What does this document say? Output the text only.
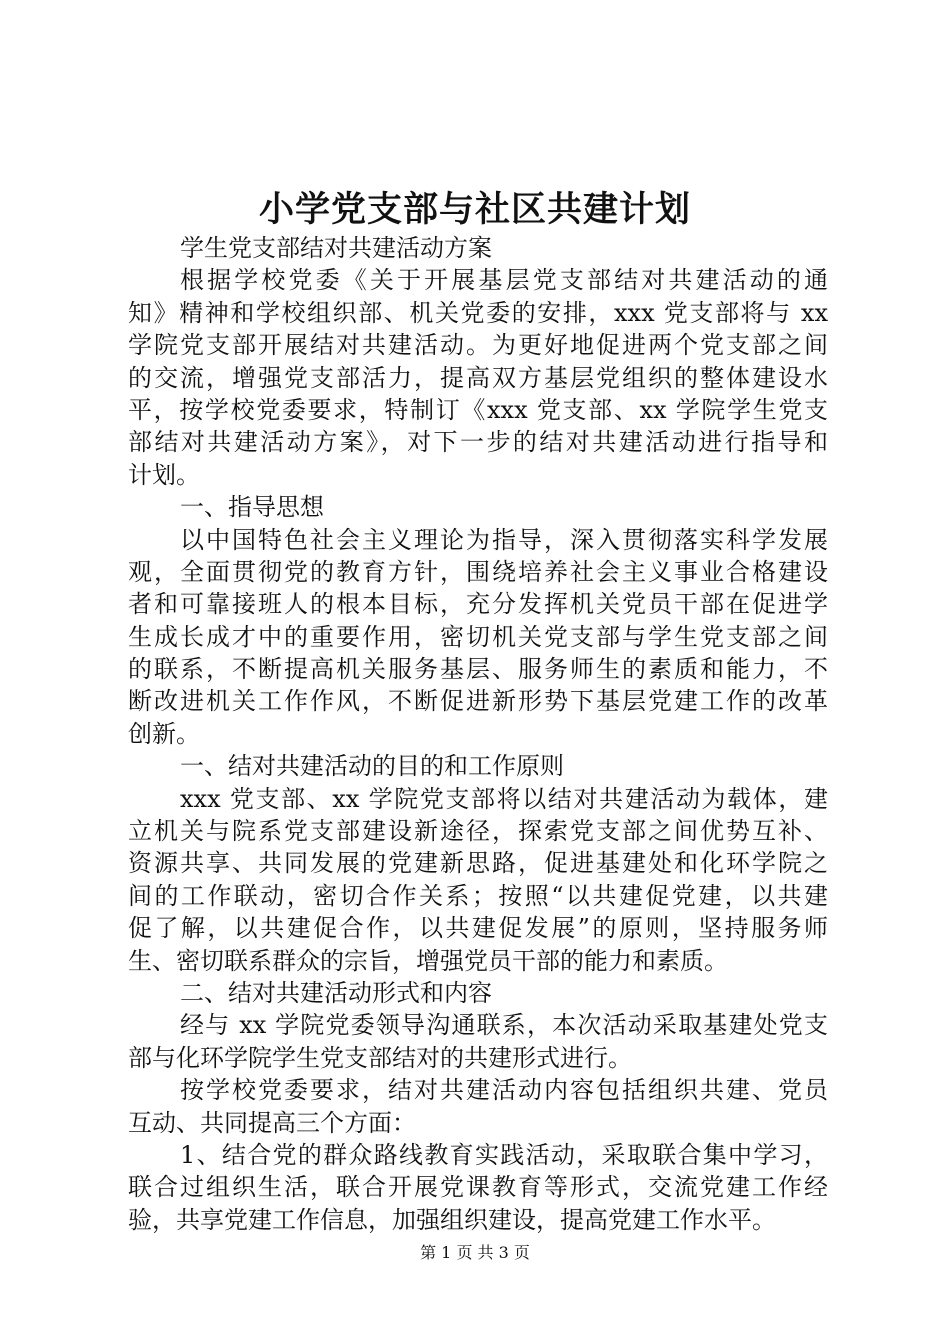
小学党支部与社区共建计划
学生党支部结对共建活动方案
根据学校党委《关于开展基层党支部结对共建活动的通
知》精神和学校组织部、机关党委的安排，xxx 党支部将与 xx
学院党支部开展结对共建活动。为更好地促进两个党支部之间
的交流，增强党支部活力，提高双方基层党组织的整体建设水
平，按学校党委要求，特制订《xxx 党支部、xx 学院学生党支
部结对共建活动方案》，对下一步的结对共建活动进行指导和
计划。
一、指导思想
以中国特色社会主义理论为指导，深入贯彻落实科学发展
观，全面贯彻党的教育方针，围绕培养社会主义事业合格建设
者和可靠接班人的根本目标，充分发挥机关党员干部在促进学
生成长成才中的重要作用，密切机关党支部与学生党支部之间
的联系，不断提高机关服务基层、服务师生的素质和能力，不
断改进机关工作作风，不断促进新形势下基层党建工作的改革
创新。
一、结对共建活动的目的和工作原则
xxx 党支部、xx 学院党支部将以结对共建活动为载体，建
立机关与院系党支部建设新途径，探索党支部之间优势互补、
资源共享、共同发展的党建新思路，促进基建处和化环学院之
间的工作联动，密切合作关系；按照“以共建促党建，以共建
促了解，以共建促合作，以共建促发展”的原则，坚持服务师
生、密切联系群众的宗旨，增强党员干部的能力和素质。
二、结对共建活动形式和内容
经与 xx 学院党委领导沟通联系，本次活动采取基建处党支
部与化环学院学生党支部结对的共建形式进行。
按学校党委要求，结对共建活动内容包括组织共建、党员
互动、共同提高三个方面：
1、结合党的群众路线教育实践活动，采取联合集中学习，
联合过组织生活，联合开展党课教育等形式，交流党建工作经
验，共享党建工作信息，加强组织建设，提高党建工作水平。
第 1 页 共 3 页
